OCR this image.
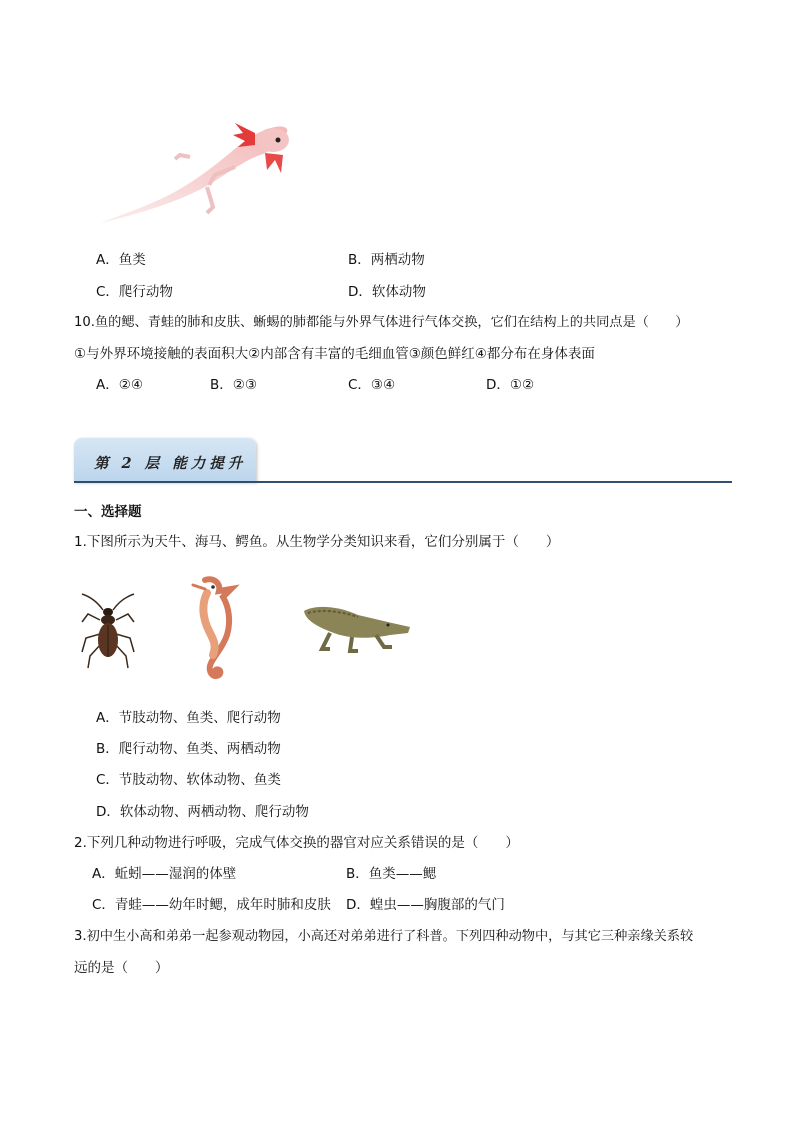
A．鱼类	B．两栖动物
C．爬行动物	D．软体动物
10.鱼的鳃、青蛙的肺和皮肤、蜥蜴的肺都能与外界气体进行气体交换，它们在结构上的共同点是（　　）
①与外界环境接触的表面积大②内部含有丰富的毛细血管③颜色鲜红④都分布在身体表面
A．②④	B．②③	C．③④	D．①②
第 2 层 能力提升
一、选择题
1.下图所示为天牛、海马、鳄鱼。从生物学分类知识来看，它们分别属于（　　）
A．节肢动物、鱼类、爬行动物
B．爬行动物、鱼类、两栖动物
C．节肢动物、软体动物、鱼类
D．软体动物、两栖动物、爬行动物
2.下列几种动物进行呼吸，完成气体交换的器官对应关系错误的是（　　）
A．蚯蚓——湿润的体壁	B．鱼类——鳃
C．青蛙——幼年时鳃，成年时肺和皮肤 D．蝗虫——胸腹部的气门
3.初中生小高和弟弟一起参观动物园，小高还对弟弟进行了科普。下列四种动物中，与其它三种亲缘关系较
远的是（　　）
